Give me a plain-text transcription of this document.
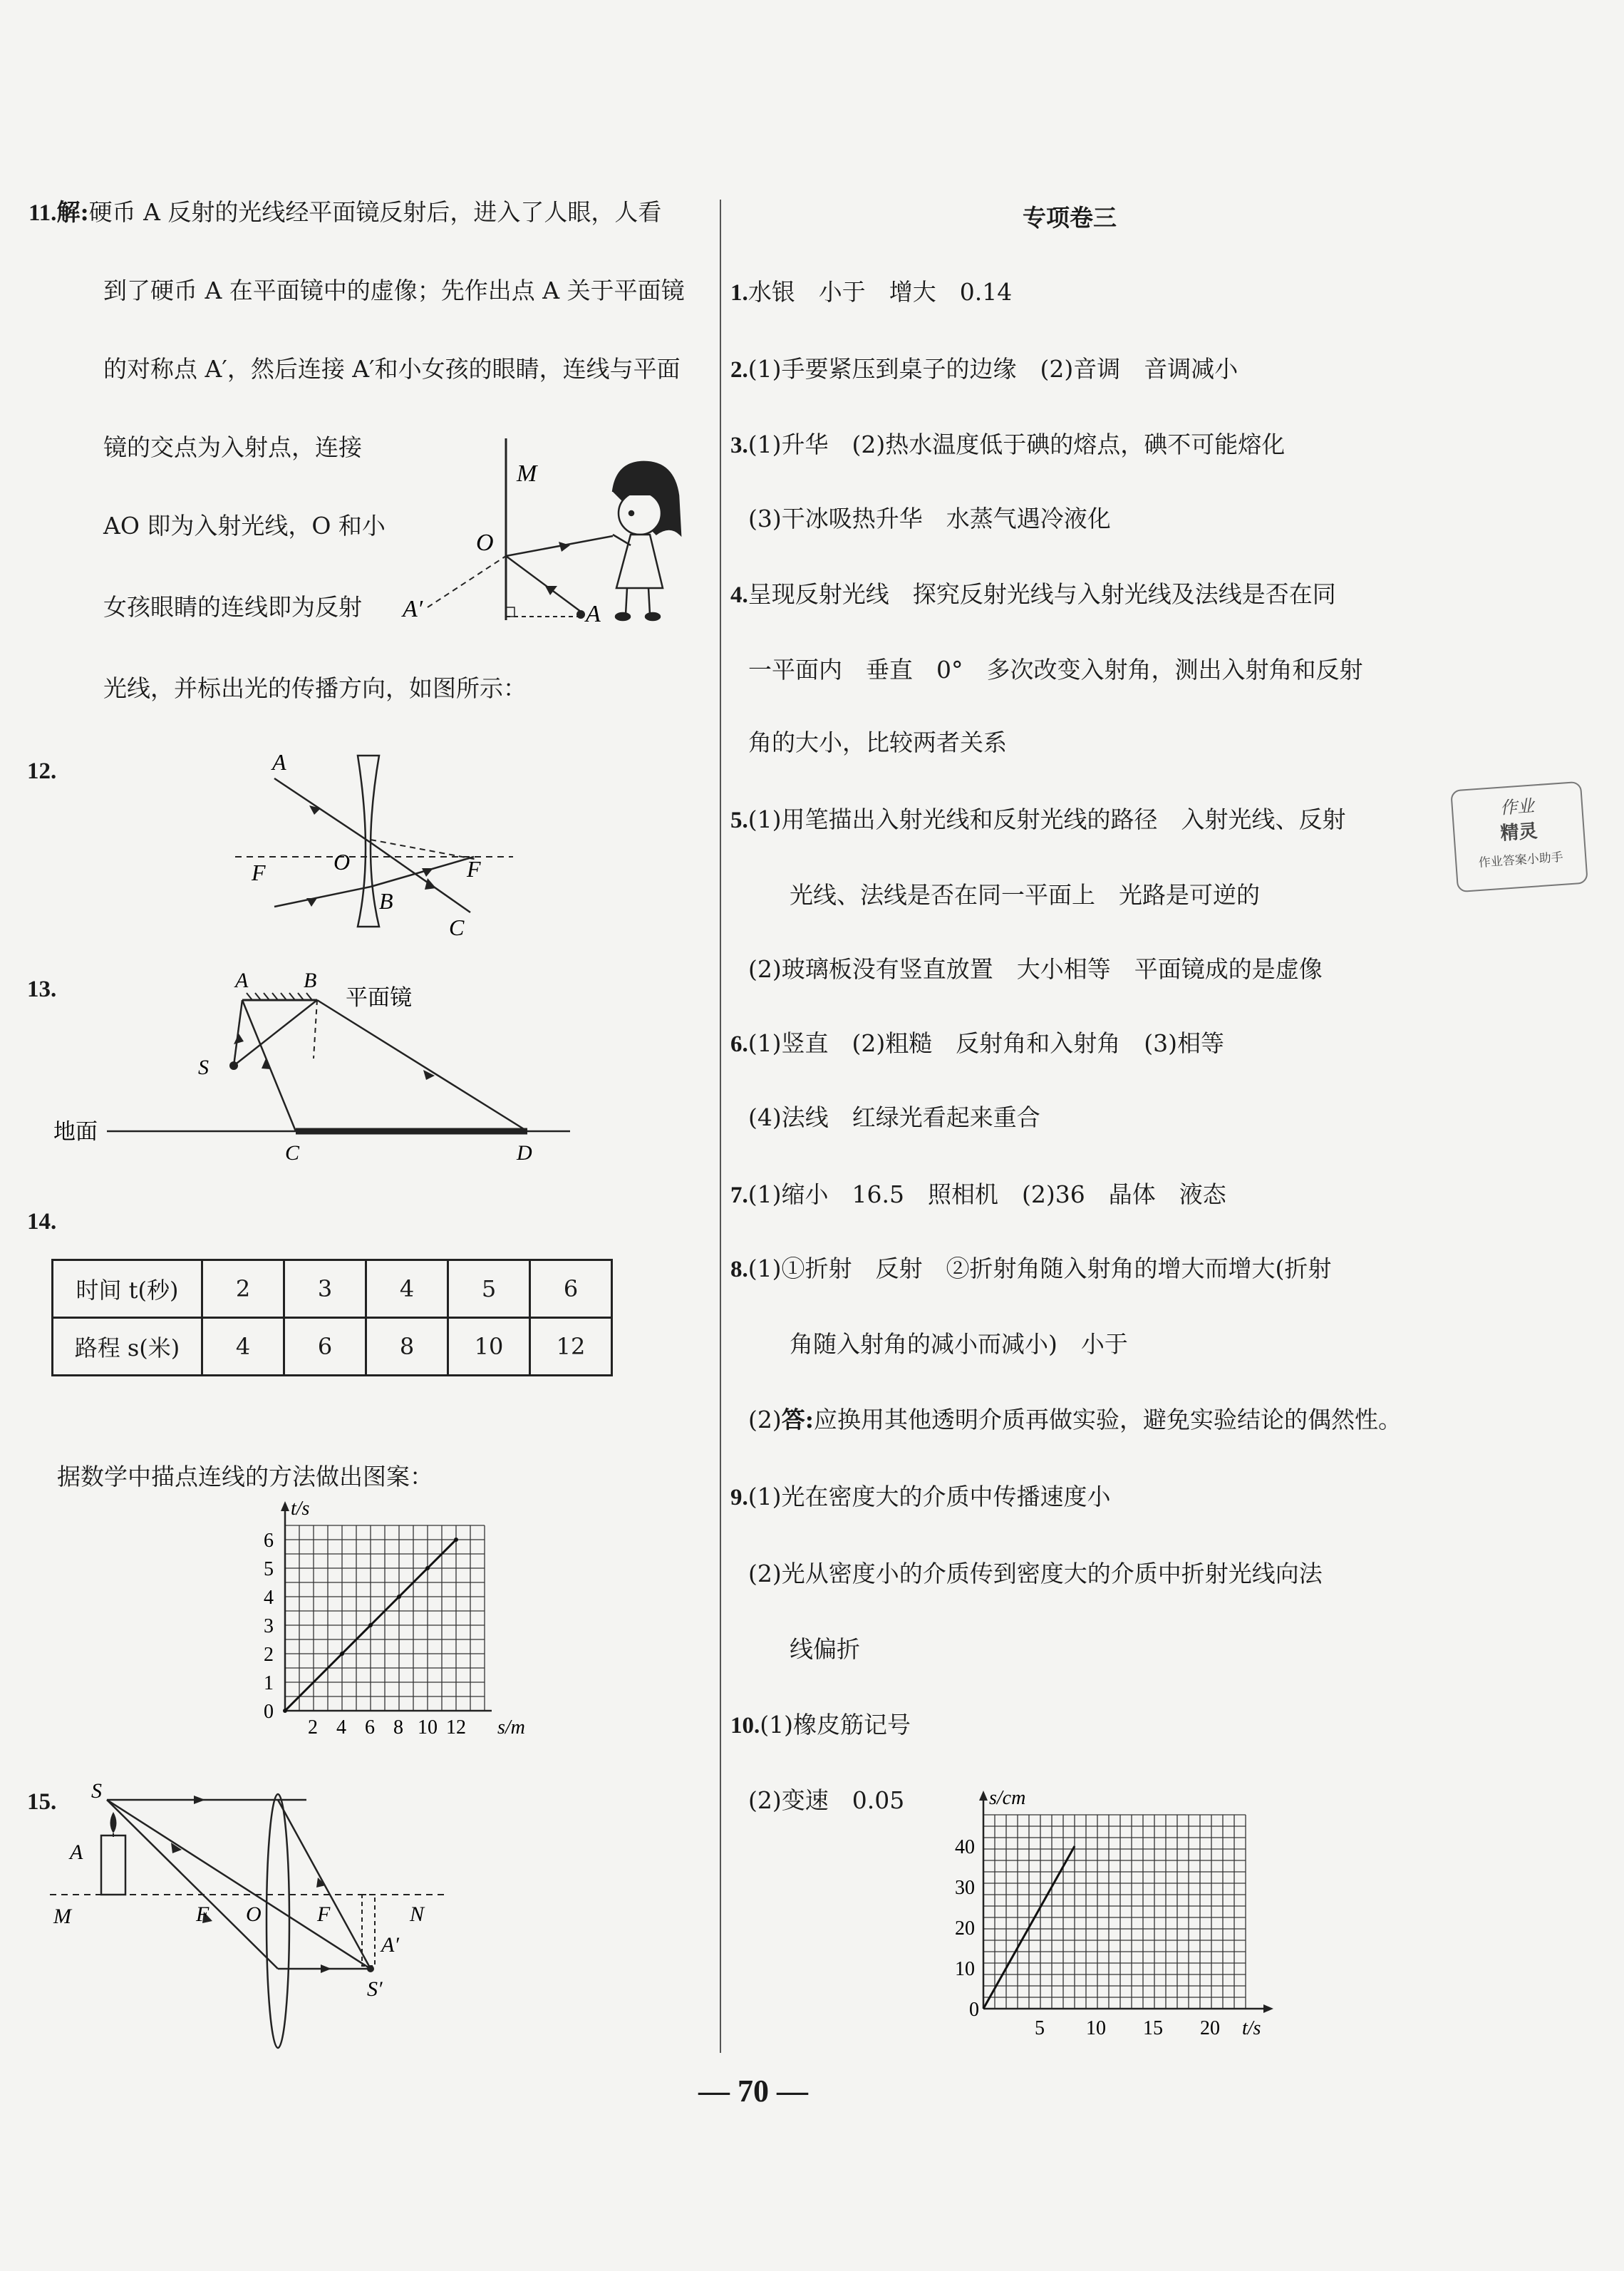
11.解:硬币 A 反射的光线经平面镜反射后，进入了人眼，人看
到了硬币 A 在平面镜中的虚像；先作出点 A 关于平面镜
的对称点 A′，然后连接 A′和小女孩的眼睛，连线与平面
镜的交点为入射点，连接
AO 即为入射光线，O 和小
女孩眼睛的连线即为反射
光线，并标出光的传播方向，如图所示：
M
O
A′	A
12.	A
F	O	F
B
C
13.	A	B
平面镜
S
地面
C	D
14.
时间 t(秒)	2	3	4	5	6
路程 s(米)	4	6	8	10	12
据数学中描点连线的方法做出图案：
t/s
s/m
0
1
2
3
4
5
6
2 4 6 8 10 12
15. S
A
M	F O	F	N
A′
S′
专项卷三
1.水银　小于　增大　0.14
2.(1)手要紧压到桌子的边缘　(2)音调　音调减小
3.(1)升华　(2)热水温度低于碘的熔点，碘不可能熔化
(3)干冰吸热升华　水蒸气遇冷液化
4.呈现反射光线　探究反射光线与入射光线及法线是否在同
一平面内　垂直　0°　多次改变入射角，测出入射角和反射
角的大小，比较两者关系
5.(1)用笔描出入射光线和反射光线的路径　入射光线、反射
光线、法线是否在同一平面上　光路是可逆的
(2)玻璃板没有竖直放置　大小相等　平面镜成的是虚像
6.(1)竖直　(2)粗糙　反射角和入射角　(3)相等
(4)法线　红绿光看起来重合
7.(1)缩小　16.5　照相机　(2)36　晶体　液态
8.(1)①折射　反射　②折射角随入射角的增大而增大(折射
角随入射角的减小而减小)　小于
(2)答:应换用其他透明介质再做实验，避免实验结论的偶然性。
9.(1)光在密度大的介质中传播速度小
(2)光从密度小的介质传到密度大的介质中折射光线向法
线偏折
10.(1)橡皮筋记号
(2)变速　0.05	s/cm
t/s
10
20
30
40
0
5 10 15 20
作业
精灵
作业答案小助手
— 70 —
